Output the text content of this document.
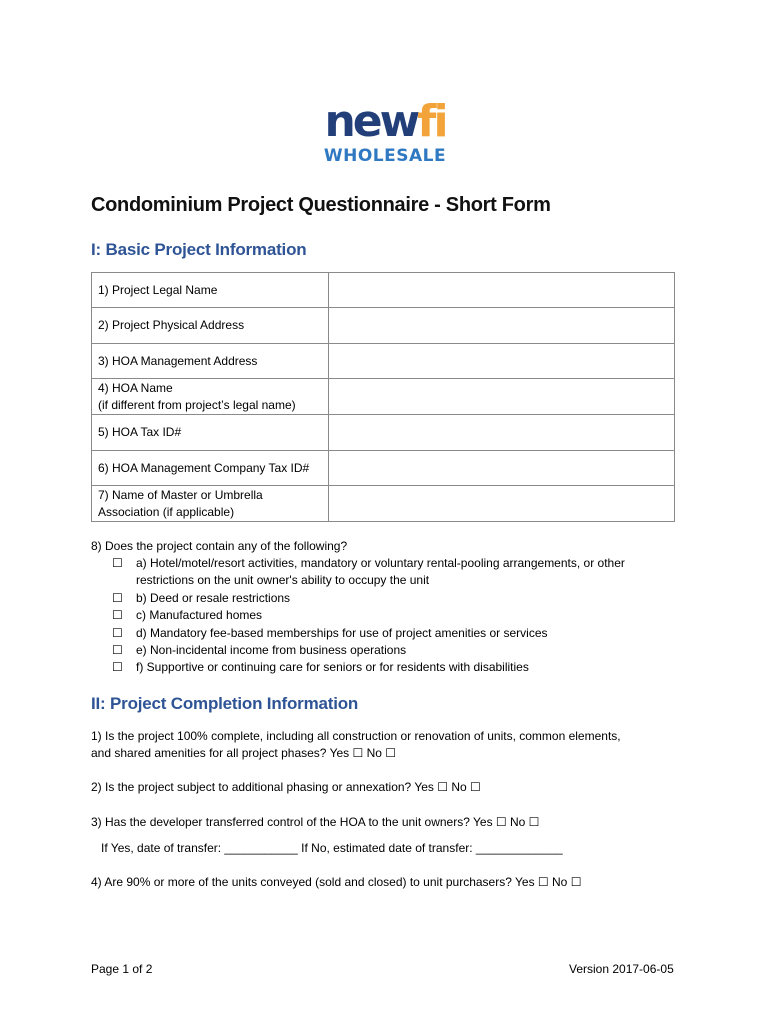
newfi
WHOLESALE
Condominium Project Questionnaire - Short Form
I: Basic Project Information
1) Project Legal Name	
2) Project Physical Address	
3) HOA Management Address	

4) HOA Name
(if different from project’s legal name)	

5) HOA Tax ID#	
6) HOA Management Company Tax ID#	

7) Name of Master or Umbrella
Association (if applicable)	

8) Does the project contain any of the following?
☐	a) Hotel/motel/resort activities, mandatory or voluntary rental-pooling arrangements, or other
restrictions on the unit owner's ability to occupy the unit
☐	b) Deed or resale restrictions
☐	c) Manufactured homes
☐	d) Mandatory fee-based memberships for use of project amenities or services
☐	e) Non-incidental income from business operations
☐	f) Supportive or continuing care for seniors or for residents with disabilities
II: Project Completion Information
1) Is the project 100% complete, including all construction or renovation of units, common elements,
and shared amenities for all project phases? Yes ☐ No ☐
2) Is the project subject to additional phasing or annexation? Yes ☐ No ☐
3) Has the developer transferred control of the HOA to the unit owners? Yes ☐ No ☐
If Yes, date of transfer: ___________ If No, estimated date of transfer: _____________
4) Are 90% or more of the units conveyed (sold and closed) to unit purchasers? Yes ☐ No ☐
Page 1 of 2	Version 2017-06-05
